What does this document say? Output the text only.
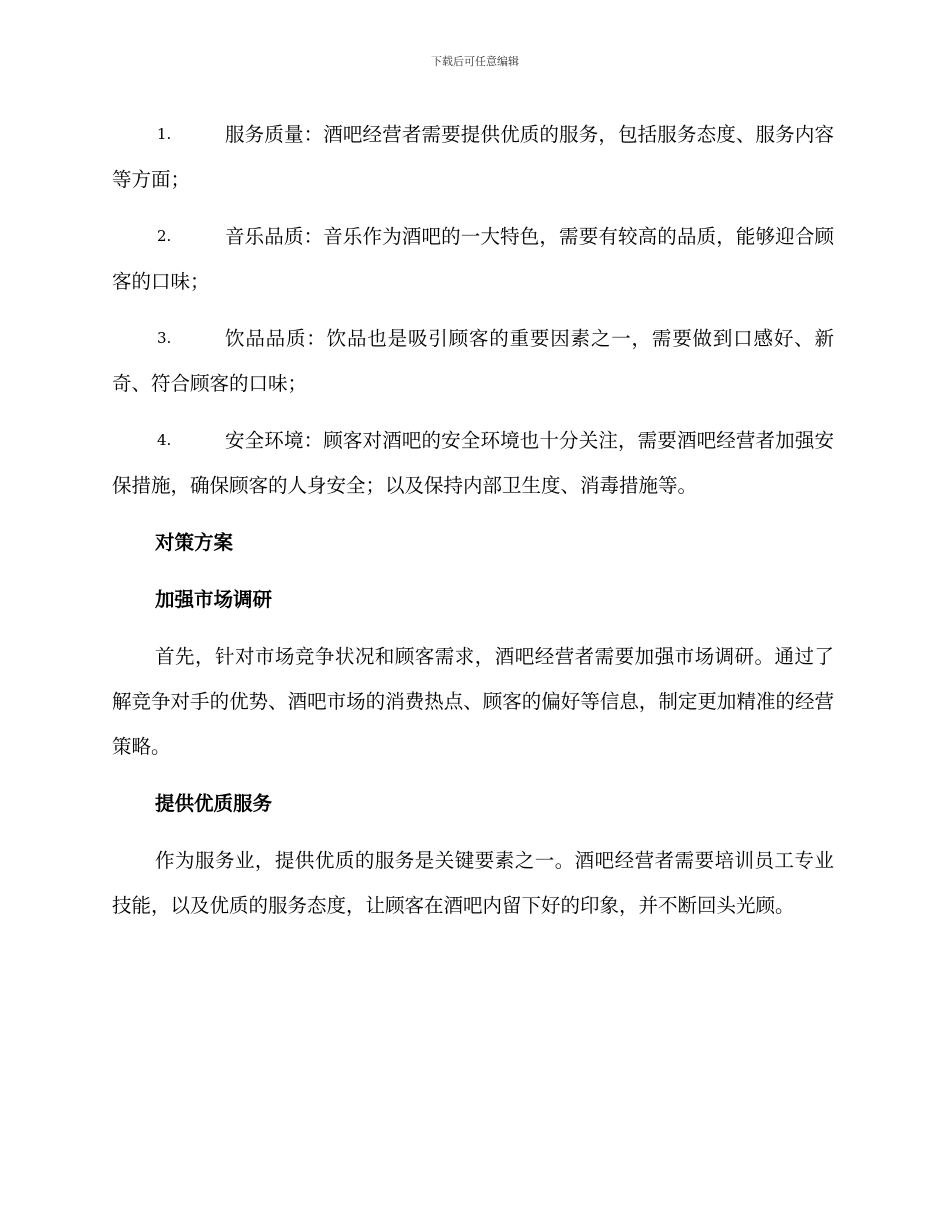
下载后可任意编辑
1.	服务质量：酒吧经营者需要提供优质的服务，包括服务态度、服务内容等方面；
2.	音乐品质：音乐作为酒吧的一大特色，需要有较高的品质，能够迎合顾客的口味；
3.	饮品品质：饮品也是吸引顾客的重要因素之一，需要做到口感好、新奇、符合顾客的口味；
4.	安全环境：顾客对酒吧的安全环境也十分关注，需要酒吧经营者加强安保措施，确保顾客的人身安全；以及保持内部卫生度、消毒措施等。
对策方案
加强市场调研
首先，针对市场竞争状况和顾客需求，酒吧经营者需要加强市场调研。通过了解竞争对手的优势、酒吧市场的消费热点、顾客的偏好等信息，制定更加精准的经营策略。
提供优质服务
作为服务业，提供优质的服务是关键要素之一。酒吧经营者需要培训员工专业技能，以及优质的服务态度，让顾客在酒吧内留下好的印象，并不断回头光顾。
